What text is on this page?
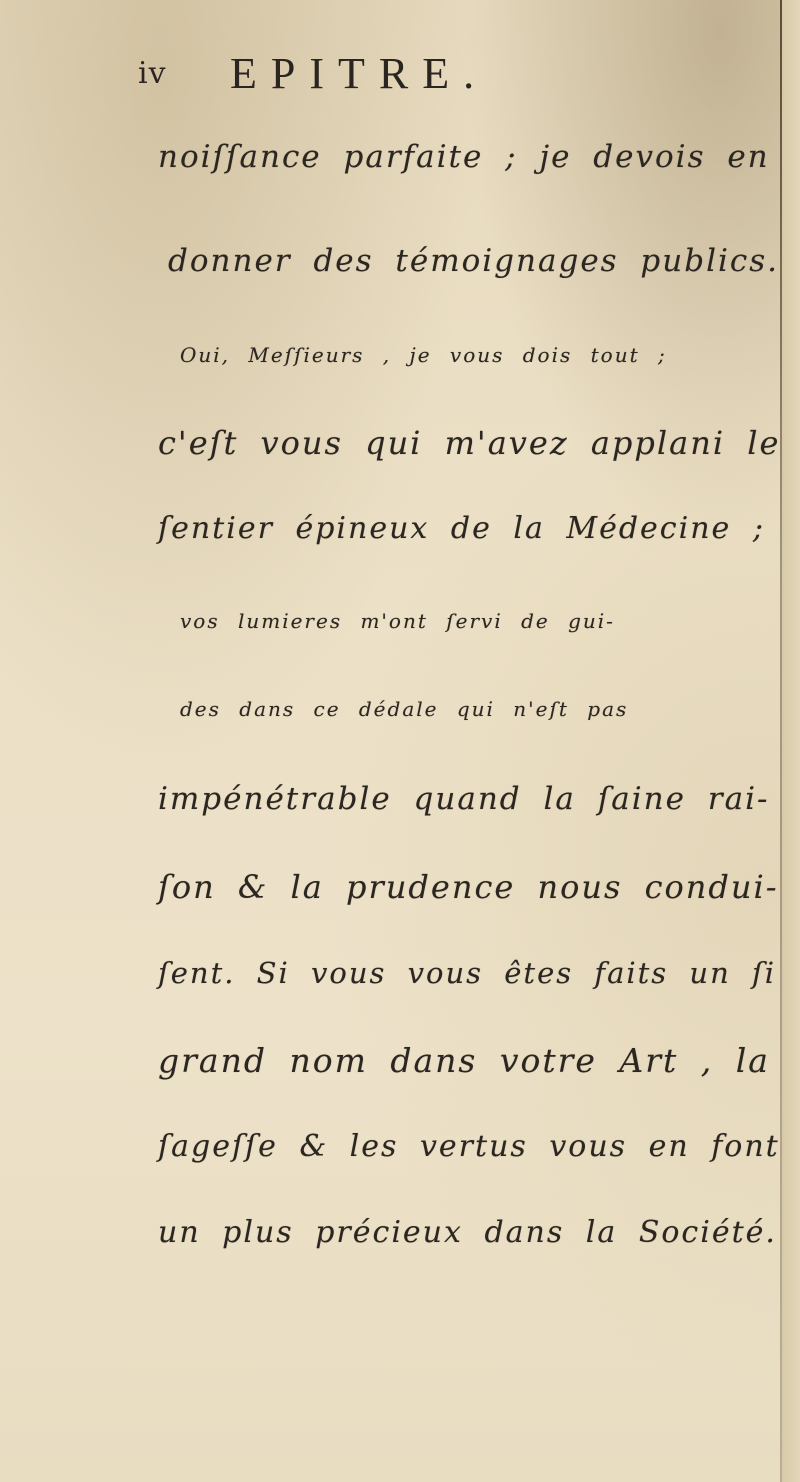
iv EPITRE.
noiſſance parfaite ; je devois en
donner des témoignages publics.
Oui, Meſſieurs , je vous dois tout ;
c'eſt vous qui m'avez applani le
ſentier épineux de la Médecine ;
vos lumieres m'ont ſervi de gui-
des dans ce dédale qui n'eſt pas
impénétrable quand la ſaine rai-
ſon & la prudence nous condui-
ſent. Si vous vous êtes faits un ſi
grand nom dans votre Art , la
ſageſſe & les vertus vous en font
un plus précieux dans la Société.
